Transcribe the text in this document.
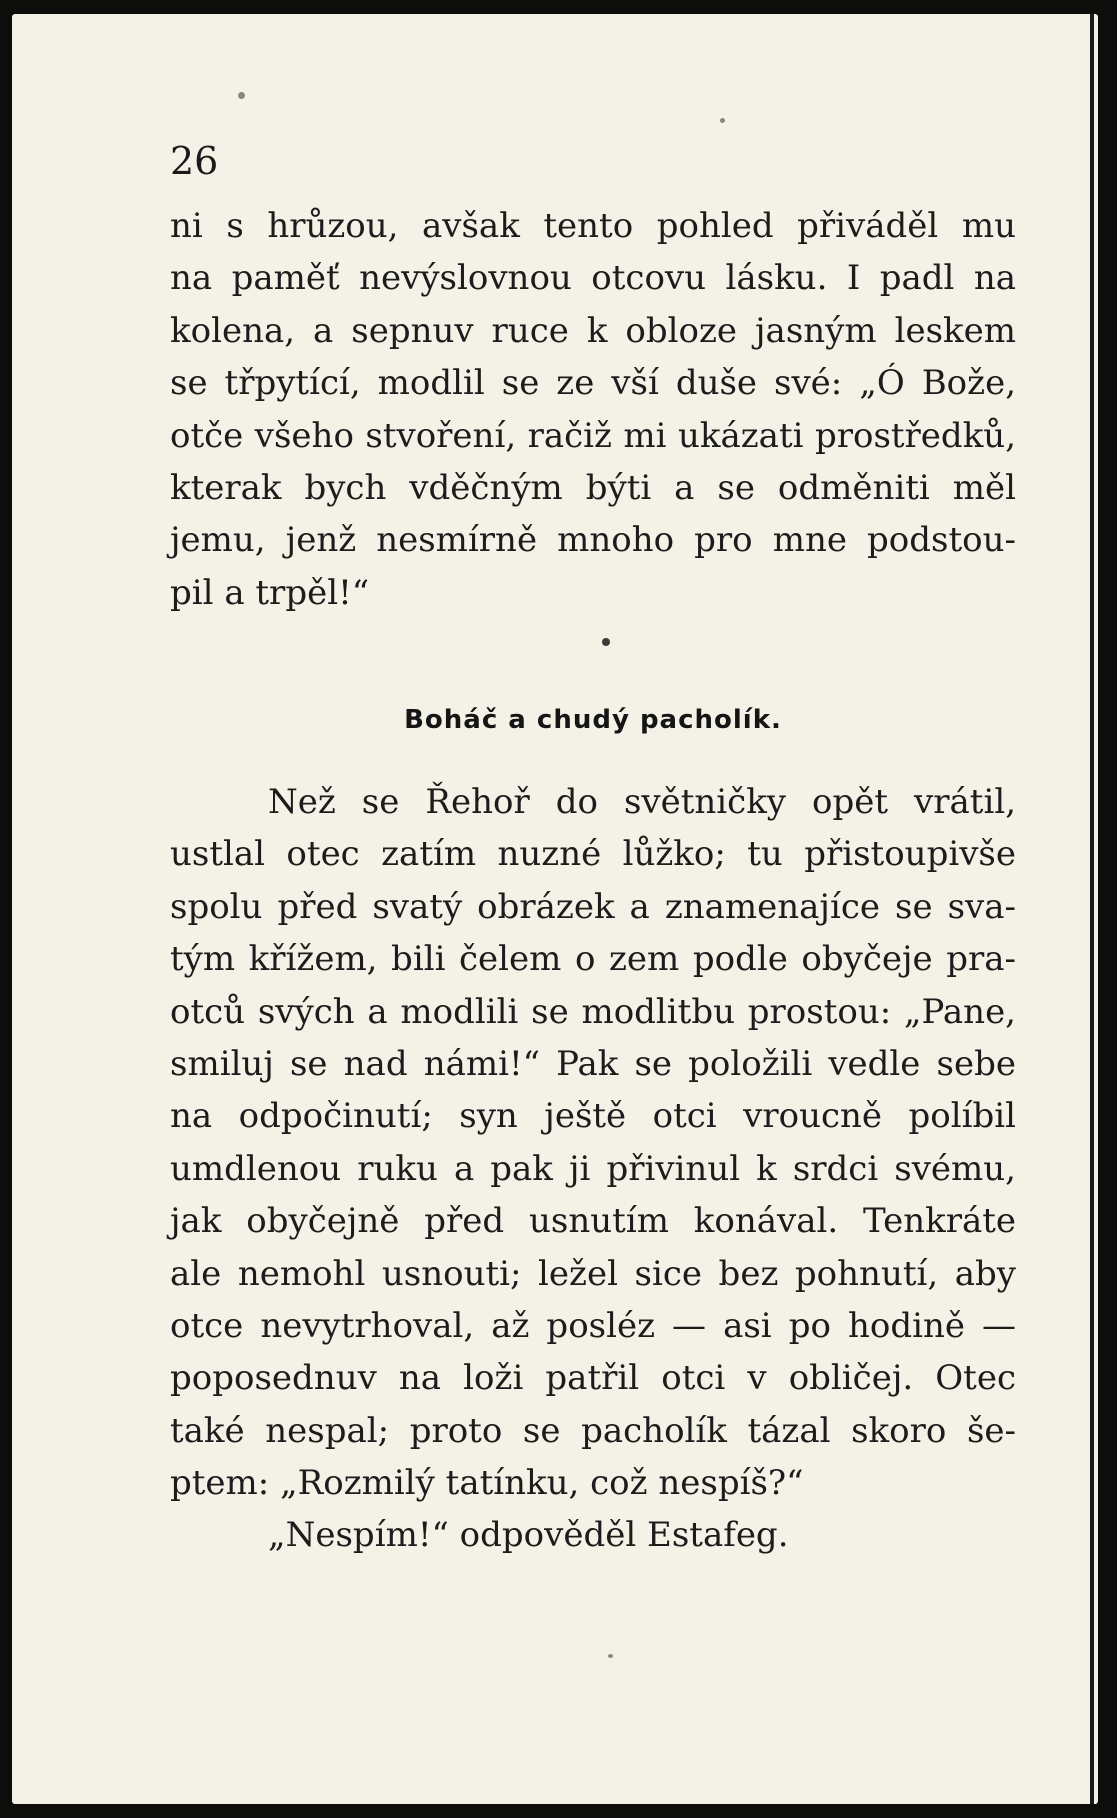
26
ni s hrůzou, avšak tento pohled přiváděl mu
na paměť nevýslovnou otcovu lásku. I padl na
kolena, a sepnuv ruce k obloze jasným leskem
se třpytící, modlil se ze vší duše své: „Ó Bože,
otče všeho stvoření, račiž mi ukázati prostředků,
kterak bych vděčným býti a se odměniti měl
jemu, jenž nesmírně mnoho pro mne podstou-
pil a trpěl!“
Boháč a chudý pacholík.
Než se Řehoř do světničky opět vrátil,
ustlal otec zatím nuzné lůžko; tu přistoupivše
spolu před svatý obrázek a znamenajíce se sva-
tým křížem, bili čelem o zem podle obyčeje pra-
otců svých a modlili se modlitbu prostou: „Pane,
smiluj se nad námi!“ Pak se položili vedle sebe
na odpočinutí; syn ještě otci vroucně políbil
umdlenou ruku a pak ji přivinul k srdci svému,
jak obyčejně před usnutím konával. Tenkráte
ale nemohl usnouti; ležel sice bez pohnutí, aby
otce nevytrhoval, až posléz — asi po hodině —
poposednuv na loži patřil otci v obličej. Otec
také nespal; proto se pacholík tázal skoro še-
ptem: „Rozmilý tatínku, což nespíš?“
„Nespím!“ odpověděl Estafeg.
